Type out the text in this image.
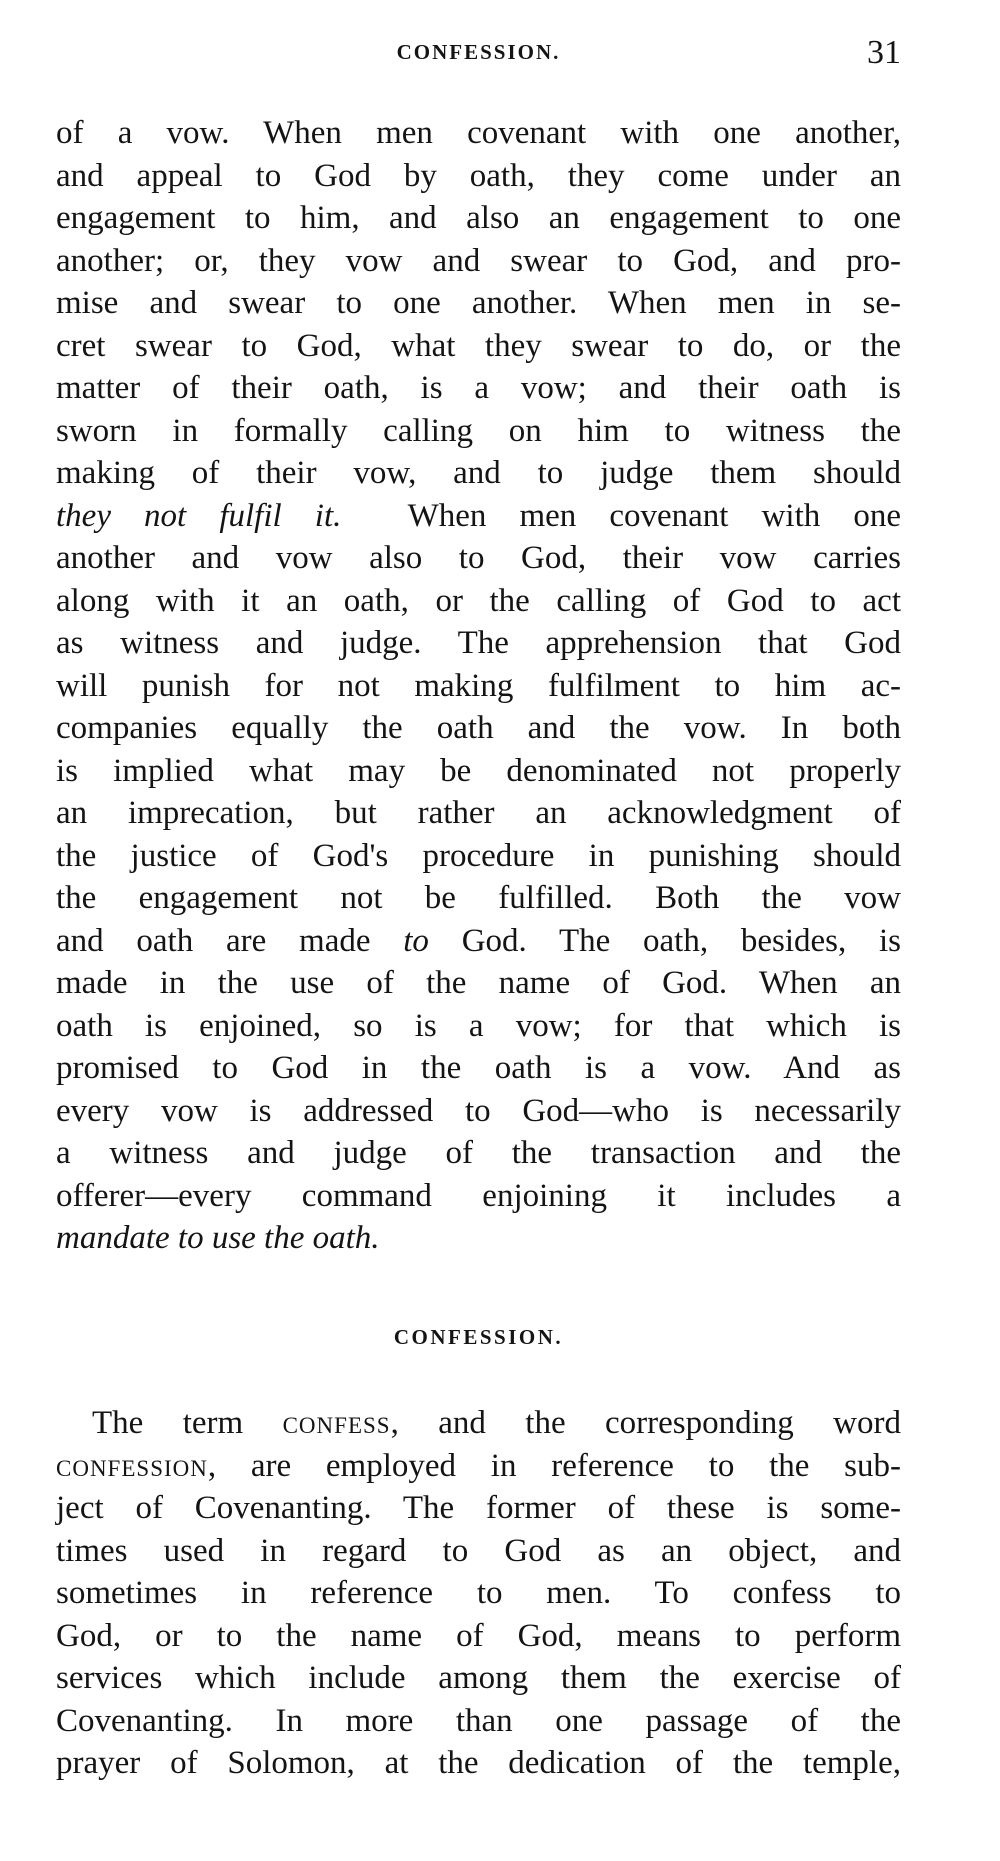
CONFESSION.	31
of a vow. When men covenant with one another,
and appeal to God by oath, they come under an
engagement to him, and also an engagement to one
another; or, they vow and swear to God, and pro-
mise and swear to one another. When men in se-
cret swear to God, what they swear to do, or the
matter of their oath, is a vow; and their oath is
sworn in formally calling on him to witness the
making of their vow, and to judge them should
they not fulfil it. When men covenant with one
another and vow also to God, their vow carries
along with it an oath, or the calling of God to act
as witness and judge. The apprehension that God
will punish for not making fulfilment to him ac-
companies equally the oath and the vow. In both
is implied what may be denominated not properly
an imprecation, but rather an acknowledgment of
the justice of God's procedure in punishing should
the engagement not be fulfilled. Both the vow
and oath are made to God. The oath, besides, is
made in the use of the name of God. When an
oath is enjoined, so is a vow; for that which is
promised to God in the oath is a vow. And as
every vow is addressed to God—who is necessarily
a witness and judge of the transaction and the
offerer—every command enjoining it includes a
mandate to use the oath.
CONFESSION.
The term confess, and the corresponding word
confession, are employed in reference to the sub-
ject of Covenanting. The former of these is some-
times used in regard to God as an object, and
sometimes in reference to men. To confess to
God, or to the name of God, means to perform
services which include among them the exercise of
Covenanting. In more than one passage of the
prayer of Solomon, at the dedication of the temple,
